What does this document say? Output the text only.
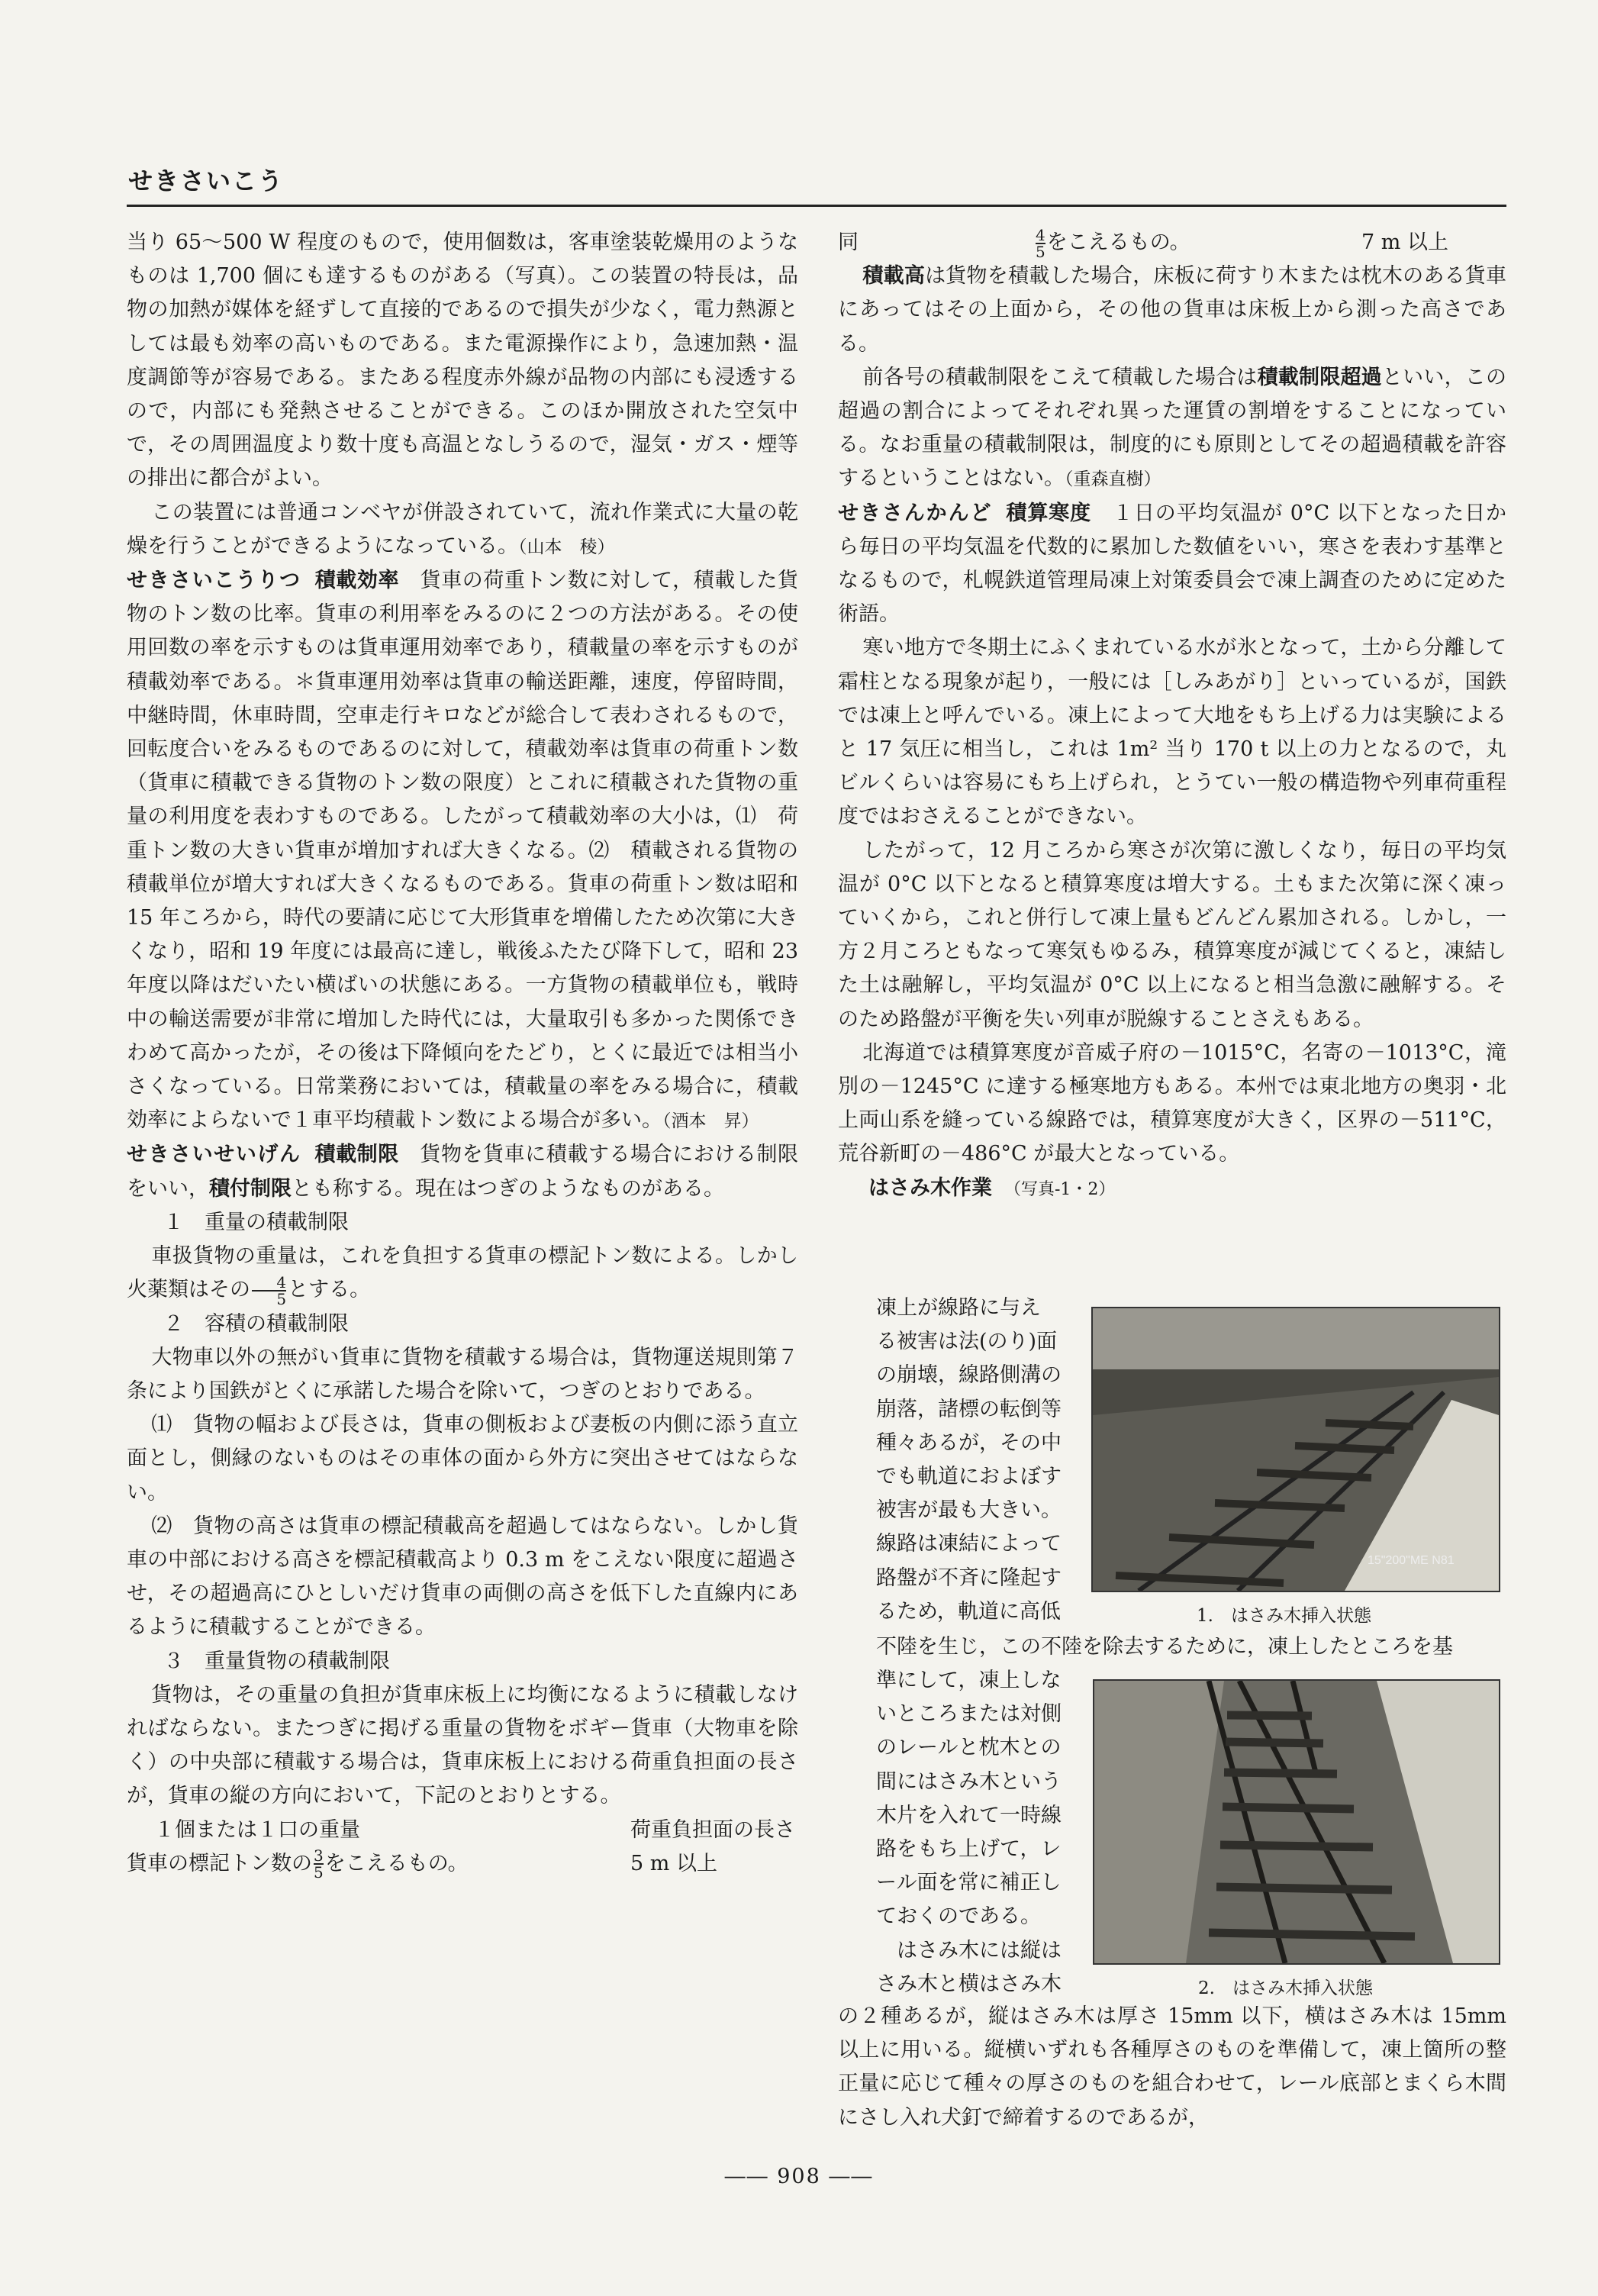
せきさいこう

当り 65～500 W 程度のもので，使用個数は，客車塗装乾燥用のようなものは 1,700 個にも達するものがある（写真）。この装置の特長は，品物の加熱が媒体を経ずして直接的であるので損失が少なく，電力熱源としては最も効率の高いものである。また電源操作により，急速加熱・温度調節等が容易である。またある程度赤外線が品物の内部にも浸透するので，内部にも発熱させることができる。このほか開放された空気中で，その周囲温度より数十度も高温となしうるので，湿気・ガス・煙等の排出に都合がよい。

この装置には普通コンベヤが併設されていて，流れ作業式に大量の乾燥を行うことができるようになっている。（山本　稜）

せきさいこうりつ 積載効率　 貨車の荷重トン数に対して，積載した貨物のトン数の比率。貨車の利用率をみるのに２つの方法がある。その使用回数の率を示すものは貨車運用効率であり，積載量の率を示すものが積載効率である。＊貨車運用効率は貨車の輸送距離，速度，停留時間，中継時間，休車時間，空車走行キロなどが総合して表わされるもので，回転度合いをみるものであるのに対して，積載効率は貨車の荷重トン数（貨車に積載できる貨物のトン数の限度）とこれに積載された貨物の重量の利用度を表わすものである。したがって積載効率の大小は，⑴　荷重トン数の大きい貨車が増加すれば大きくなる。⑵　積載される貨物の積載単位が増大すれば大きくなるものである。貨車の荷重トン数は昭和 15 年ころから，時代の要請に応じて大形貨車を増備したため次第に大きくなり，昭和 19 年度には最高に達し，戦後ふたたび降下して，昭和 23 年度以降はだいたい横ばいの状態にある。一方貨物の積載単位も，戦時中の輸送需要が非常に増加した時代には，大量取引も多かった関係できわめて高かったが，その後は下降傾向をたどり，とくに最近では相当小さくなっている。日常業務においては，積載量の率をみる場合に，積載効率によらないで１車平均積載トン数による場合が多い。（酒本　昇）

せきさいせいげん 積載制限　 貨物を貨車に積載する場合における制限をいい，積付制限とも称する。現在はつぎのようなものがある。

１　重量の積載制限

車扱貨物の重量は，これを負担する貨車の標記トン数による。しかし火薬類はその $\frac{4}{5}$ とする。

２　容積の積載制限

大物車以外の無がい貨車に貨物を積載する場合は，貨物運送規則第７条により国鉄がとくに承諾した場合を除いて，つぎのとおりである。

⑴　貨物の幅および長さは，貨車の側板および妻板の内側に添う直立面とし，側縁のないものはその車体の面から外方に突出させてはならない。

⑵　貨物の高さは貨車の標記積載高を超過してはならない。しかし貨車の中部における高さを標記積載高より 0.3 m をこえない限度に超過させ，その超過高にひとしいだけ貨車の両側の高さを低下した直線内にあるように積載することができる。

３　重量貨物の積載制限

貨物は，その重量の負担が貨車床板上に均衡になるように積載しなければならない。またつぎに掲げる重量の貨物をボギー貨車（大物車を除く）の中央部に積載する場合は，貨車床板上における荷重負担面の長さが，貨車の縦の方向において，下記のとおりとする。

１個または１口の重量	荷重負担面の長さ
貨車の標記トン数の $\frac{3}{5}$ をこえるもの。	5 m 以上
同	$\frac{4}{5}$ をこえるもの。	7 m 以上

積載高は貨物を積載した場合，床板に荷すり木または枕木のある貨車にあってはその上面から，その他の貨車は床板上から測った高さである。

前各号の積載制限をこえて積載した場合は積載制限超過といい，この超過の割合によってそれぞれ異った運賃の割増をすることになっている。なお重量の積載制限は，制度的にも原則としてその超過積載を許容するということはない。（重森直樹）

せきさんかんど 積算寒度　 １日の平均気温が 0°C 以下となった日から毎日の平均気温を代数的に累加した数値をいい，寒さを表わす基準となるもので，札幌鉄道管理局凍上対策委員会で凍上調査のために定めた術語。

寒い地方で冬期土にふくまれている水が氷となって，土から分離して霜柱となる現象が起り，一般には［しみあがり］といっているが，国鉄では凍上と呼んでいる。凍上によって大地をもち上げる力は実験によると 17 気圧に相当し，これは 1m² 当り 170 t 以上の力となるので，丸ビルくらいは容易にもち上げられ，とうてい一般の構造物や列車荷重程度ではおさえることができない。

したがって，12 月ころから寒さが次第に激しくなり，毎日の平均気温が 0°C 以下となると積算寒度は増大する。土もまた次第に深く凍っていくから，これと併行して凍上量もどんどん累加される。しかし，一方２月ころともなって寒気もゆるみ，積算寒度が減じてくると，凍結した土は融解し，平均気温が 0°C 以上になると相当急激に融解する。そのため路盤が平衡を失い列車が脱線することさえもある。

北海道では積算寒度が音威子府の－1015°C，名寄の－1013°C，滝別の－1245°C に達する極寒地方もある。本州では東北地方の奥羽・北上両山系を縫っている線路では，積算寒度が大きく，区界の－511°C，荒谷新町の－486°C が最大となっている。

はさみ木作業 （写真-1・2）

凍上が線路に与え

る被害は法(のり)面

の崩壊，線路側溝の

崩落，諸標の転倒等

種々あるが，その中

でも軌道におよぼす

被害が最も大きい。

線路は凍結によって

路盤が不斉に隆起す

るため，軌道に高低

15"200"ME N81
1.　はさみ木挿入状態

不陸を生じ，この不陸を除去するために，凍上したところを基

準にして，凍上しな

いところまたは対側

のレールと枕木との

間にはさみ木という

木片を入れて一時線

路をもち上げて，レ

ール面を常に補正し

ておくのである。

　はさみ木には縦は

さみ木と横はさみ木	2.　はさみ木挿入状態

の２種あるが，縦はさみ木は厚さ 15mm 以下，横はさみ木は 15mm 以上に用いる。縦横いずれも各種厚さのものを準備して，凍上箇所の整正量に応じて種々の厚さのものを組合わせて，レール底部とまくら木間にさし入れ犬釘で締着するのであるが，

―― 908 ――
